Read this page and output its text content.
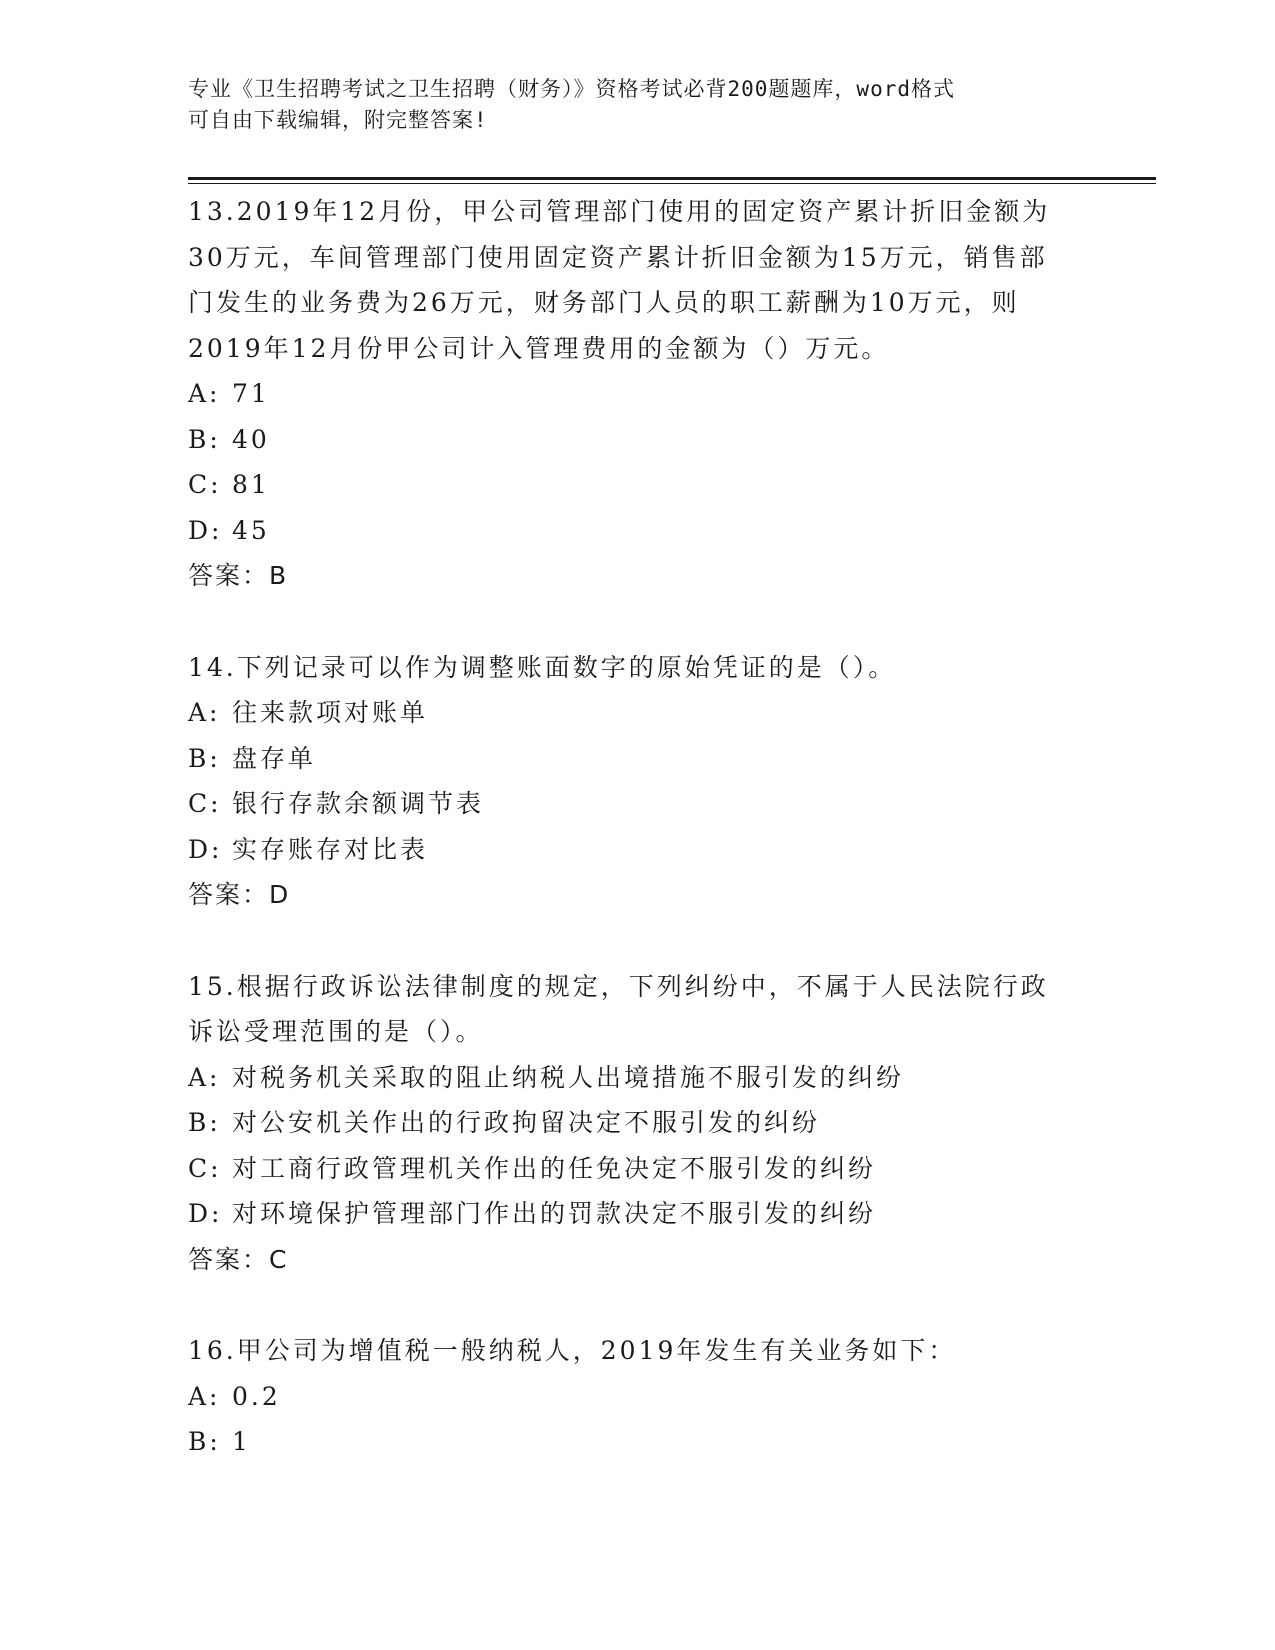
专业《卫生招聘考试之卫生招聘（财务）》资格考试必背200题题库，word格式
可自由下载编辑，附完整答案!
13.2019年12月份，甲公司管理部门使用的固定资产累计折旧金额为
30万元，车间管理部门使用固定资产累计折旧金额为15万元，销售部
门发生的业务费为26万元，财务部门人员的职工薪酬为10万元，则
2019年12月份甲公司计入管理费用的金额为（）万元。
A: 71
B: 40
C: 81
D: 45
答案：B
14.下列记录可以作为调整账面数字的原始凭证的是（）。
A: 往来款项对账单
B: 盘存单
C: 银行存款余额调节表
D: 实存账存对比表
答案：D
15.根据行政诉讼法律制度的规定，下列纠纷中，不属于人民法院行政
诉讼受理范围的是（）。
A: 对税务机关采取的阻止纳税人出境措施不服引发的纠纷
B: 对公安机关作出的行政拘留决定不服引发的纠纷
C: 对工商行政管理机关作出的任免决定不服引发的纠纷
D: 对环境保护管理部门作出的罚款决定不服引发的纠纷
答案：C
16.甲公司为增值税一般纳税人，2019年发生有关业务如下：
A: 0.2
B: 1
